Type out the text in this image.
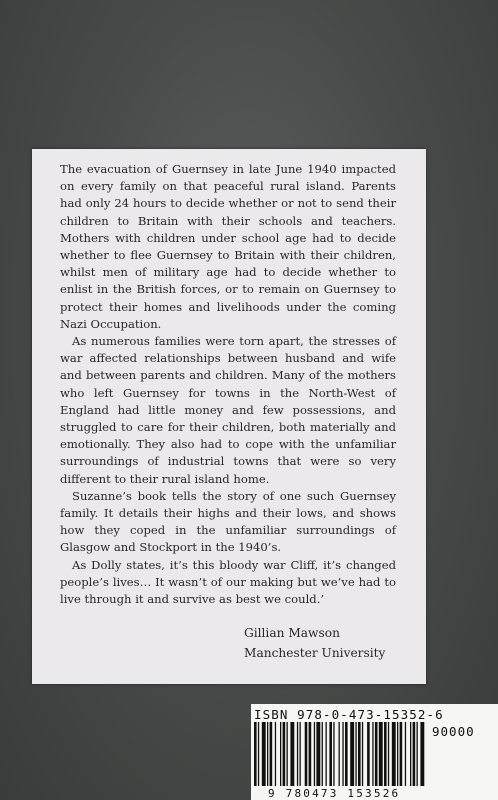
The evacuation of Guernsey in late June 1940 impacted on every family on that peaceful rural island. Parents had only 24 hours to decide whether or not to send their children to Britain with their schools and teachers. Mothers with children under school age had to decide whether to flee Guernsey to Britain with their children, whilst men of military age had to decide whether to enlist in the British forces, or to remain on Guernsey to protect their homes and livelihoods under the coming Nazi Occupation.

As numerous families were torn apart, the stresses of war affected relationships between husband and wife and between parents and children. Many of the mothers who left Guernsey for towns in the North-West of England had little money and few possessions, and struggled to care for their children, both materially and emotionally. They also had to cope with the unfamiliar surroundings of industrial towns that were so very different to their rural island home.

Suzanne’s book tells the story of one such Guernsey family. It details their highs and their lows, and shows how they coped in the unfamiliar surroundings of Glasgow and Stockport in the 1940’s.

As Dolly states, it’s this bloody war Cliff, it’s changed people’s lives… It wasn’t of our making but we’ve had to live through it and survive as best we could.’

Gillian Mawson
Manchester University
ISBN 978-0-473-15352-6
90000
9 780473 153526
